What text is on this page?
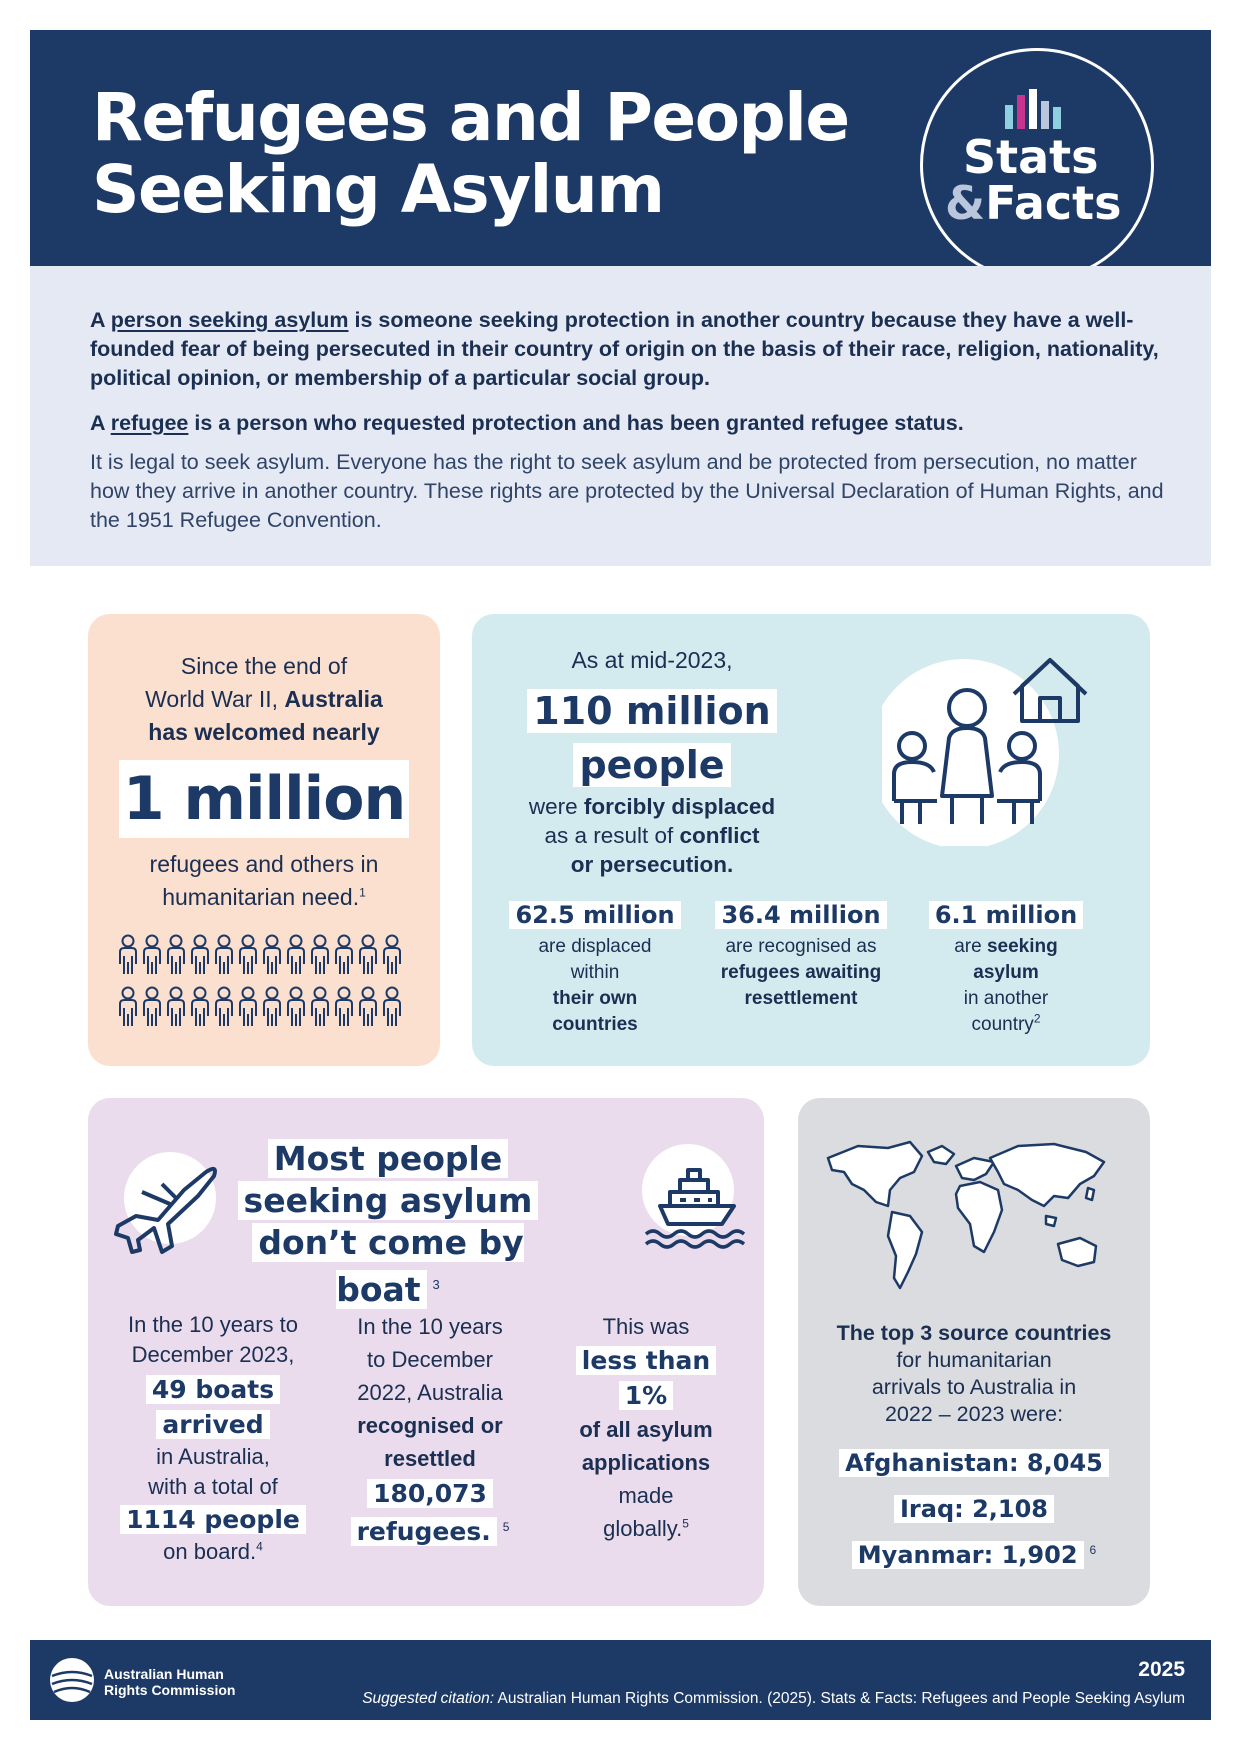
Refugees and People
Seeking Asylum	Stats
&Facts

A person seeking asylum is someone seeking protection in another country because they have a well-founded fear of being persecuted in their country of origin on the basis of their race, religion, nationality, political opinion, or membership of a particular social group.

A refugee is a person who requested protection and has been granted refugee status.

It is legal to seek asylum. Everyone has the right to seek asylum and be protected from persecution, no matter how they arrive in another country. These rights are protected by the Universal Declaration of Human Rights, and the 1951 Refugee Convention.

Since the end of
World War II, Australia
has welcomed nearly
1 million
refugees and others in
humanitarian need.$^1$
As at mid-2023,
110 million
people
were forcibly displaced
as a result of conflict
or persecution.
62.5 million
are displaced
within
their own
countries
36.4 million
are recognised as
refugees awaiting
resettlement
6.1 million
are seeking
asylum
in another
country$^2$
Most people
seeking asylum
don’t come by boat $^3$
In the 10 years to
December 2023,
49 boats
arrived
in Australia,
with a total of
1114 people
on board.$^4$
In the 10 years
to December
2022, Australia
recognised or
resettled
180,073
refugees. $^5$
This was
less than
1%
of all asylum
applications
made
globally.$^5$
The top 3 source countries
for humanitarian
arrivals to Australia in
2022 – 2023 were:
Afghanistan: 8,045
Iraq: 2,108
Myanmar: 1,902 $^6$
Australian Human
Rights Commission
2025
Suggested citation: Australian Human Rights Commission. (2025). Stats & Facts: Refugees and People Seeking Asylum
